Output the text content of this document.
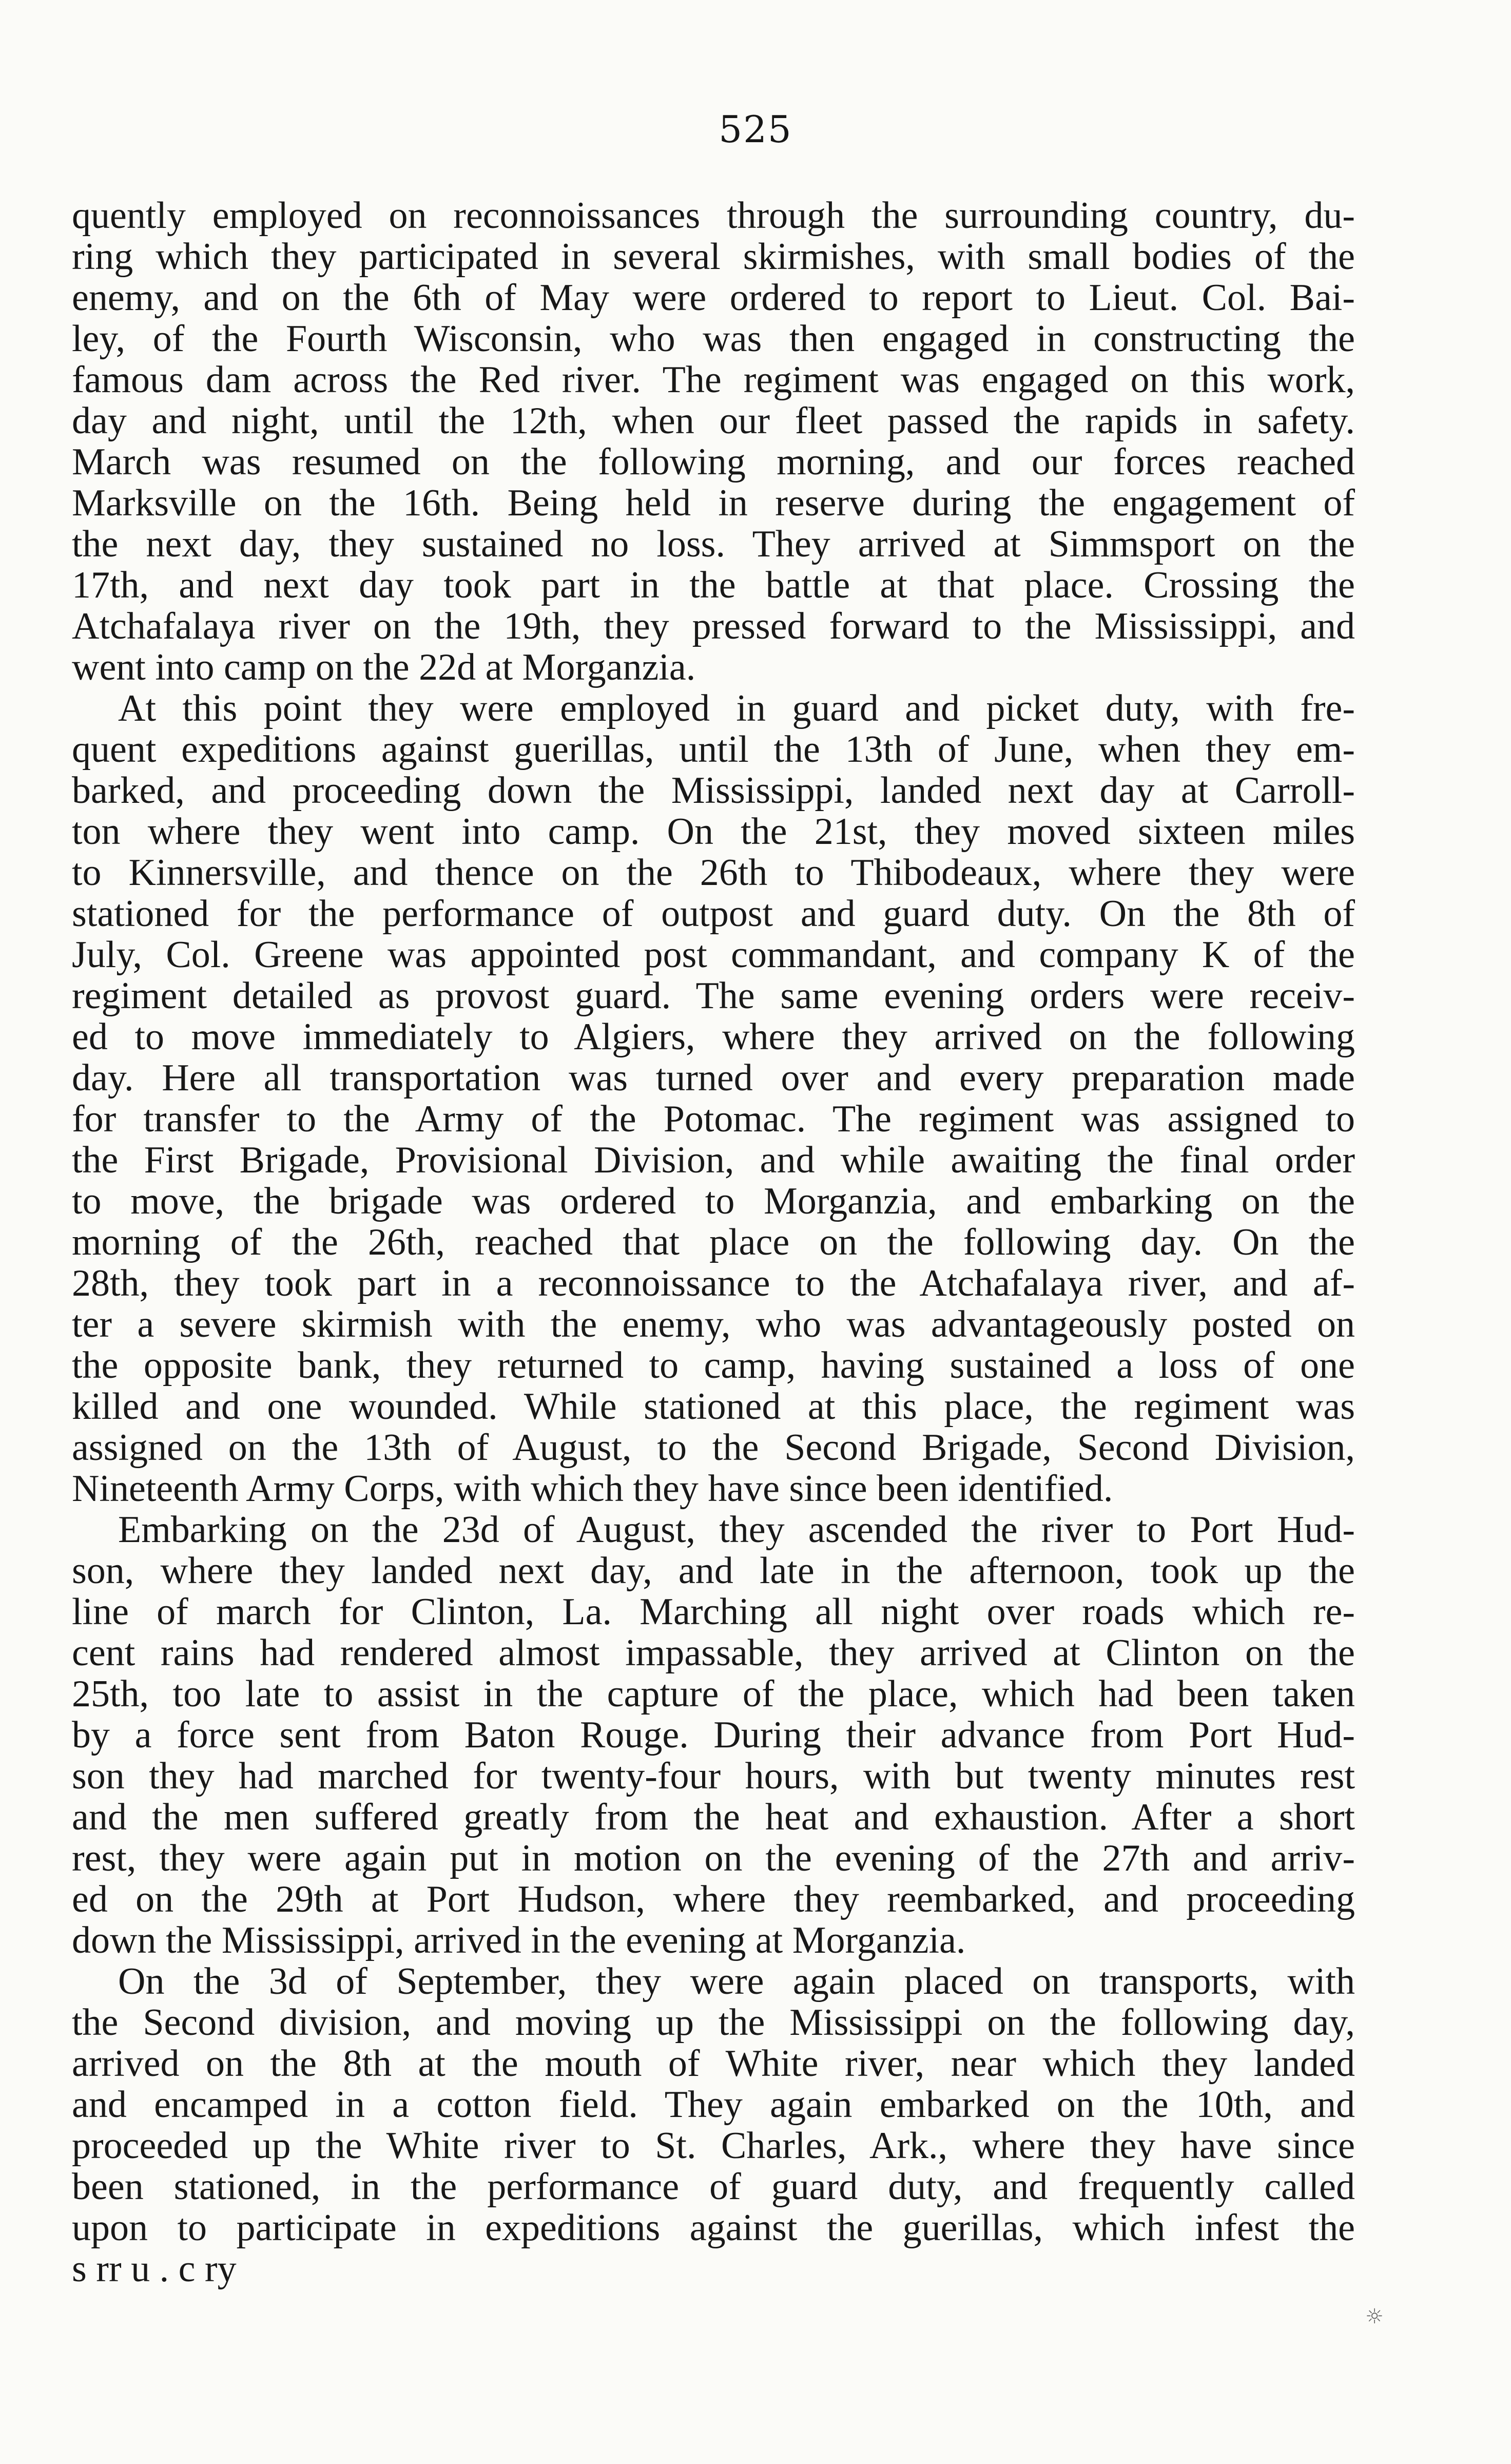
525
quently employed on reconnoissances through the surrounding country, du-
ring which they participated in several skirmishes, with small bodies of the
enemy, and on the 6th of May were ordered to report to Lieut. Col. Bai-
ley, of the Fourth Wisconsin, who was then engaged in constructing the
famous dam across the Red river. The regiment was engaged on this work,
day and night, until the 12th, when our fleet passed the rapids in safety.
March was resumed on the following morning, and our forces reached
Marksville on the 16th. Being held in reserve during the engagement of
the next day, they sustained no loss. They arrived at Simmsport on the
17th, and next day took part in the battle at that place. Crossing the
Atchafalaya river on the 19th, they pressed forward to the Mississippi, and
went into camp on the 22d at Morganzia.
At this point they were employed in guard and picket duty, with fre-
quent expeditions against guerillas, until the 13th of June, when they em-
barked, and proceeding down the Mississippi, landed next day at Carroll-
ton where they went into camp. On the 21st, they moved sixteen miles
to Kinnersville, and thence on the 26th to Thibodeaux, where they were
stationed for the performance of outpost and guard duty. On the 8th of
July, Col. Greene was appointed post commandant, and company K of the
regiment detailed as provost guard. The same evening orders were receiv-
ed to move immediately to Algiers, where they arrived on the following
day. Here all transportation was turned over and every preparation made
for transfer to the Army of the Potomac. The regiment was assigned to
the First Brigade, Provisional Division, and while awaiting the final order
to move, the brigade was ordered to Morganzia, and embarking on the
morning of the 26th, reached that place on the following day. On the
28th, they took part in a reconnoissance to the Atchafalaya river, and af-
ter a severe skirmish with the enemy, who was advantageously posted on
the opposite bank, they returned to camp, having sustained a loss of one
killed and one wounded. While stationed at this place, the regiment was
assigned on the 13th of August, to the Second Brigade, Second Division,
Nineteenth Army Corps, with which they have since been identified.
Embarking on the 23d of August, they ascended the river to Port Hud-
son, where they landed next day, and late in the afternoon, took up the
line of march for Clinton, La. Marching all night over roads which re-
cent rains had rendered almost impassable, they arrived at Clinton on the
25th, too late to assist in the capture of the place, which had been taken
by a force sent from Baton Rouge. During their advance from Port Hud-
son they had marched for twenty-four hours, with but twenty minutes rest
and the men suffered greatly from the heat and exhaustion. After a short
rest, they were again put in motion on the evening of the 27th and arriv-
ed on the 29th at Port Hudson, where they reembarked, and proceeding
down the Mississippi, arrived in the evening at Morganzia.
On the 3d of September, they were again placed on transports, with
the Second division, and moving up the Mississippi on the following day,
arrived on the 8th at the mouth of White river, near which they landed
and encamped in a cotton field. They again embarked on the 10th, and
proceeded up the White river to St. Charles, Ark., where they have since
been stationed, in the performance of guard duty, and frequently called
upon to participate in expeditions against the guerillas, which infest the
s rr u . c ry
☼
